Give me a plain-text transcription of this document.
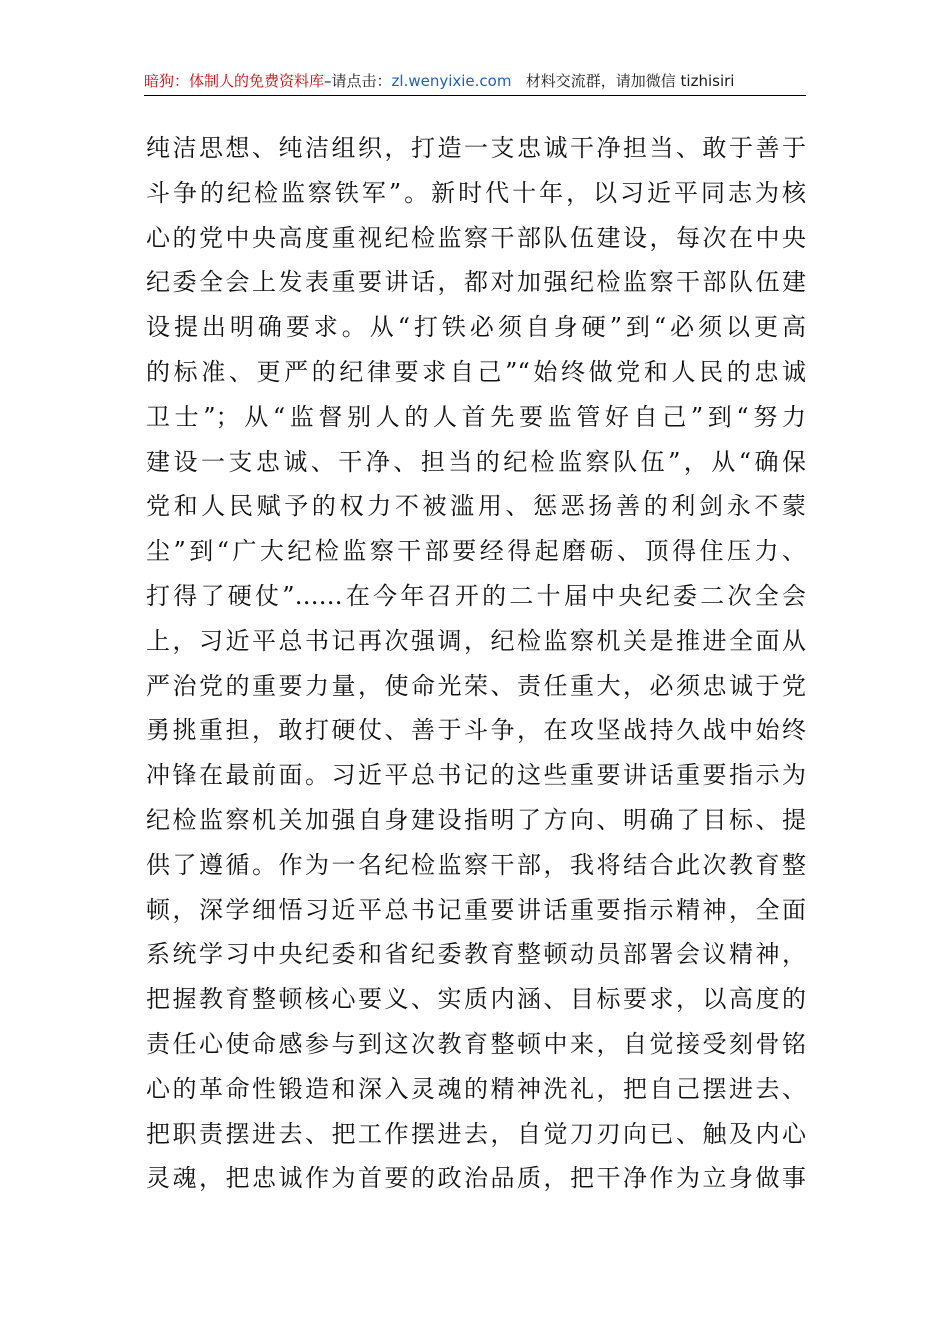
暗狗：体制人的免费资料库–请点击：zl.wenyixie.com 材料交流群，请加微信 tizhisiri
纯洁思想、纯洁组织，打造一支忠诚干净担当、敢于善于
斗争的纪检监察铁军”。新时代十年，以习近平同志为核
心的党中央高度重视纪检监察干部队伍建设，每次在中央
纪委全会上发表重要讲话，都对加强纪检监察干部队伍建
设提出明确要求。从“打铁必须自身硬”到“必须以更高
的标准、更严的纪律要求自己”“始终做党和人民的忠诚
卫士”；从“监督别人的人首先要监管好自己”到“努力
建设一支忠诚、干净、担当的纪检监察队伍”，从“确保
党和人民赋予的权力不被滥用、惩恶扬善的利剑永不蒙
尘”到“广大纪检监察干部要经得起磨砺、顶得住压力、
打得了硬仗”……在今年召开的二十届中央纪委二次全会
上，习近平总书记再次强调，纪检监察机关是推进全面从
严治党的重要力量，使命光荣、责任重大，必须忠诚于党
勇挑重担，敢打硬仗、善于斗争，在攻坚战持久战中始终
冲锋在最前面。习近平总书记的这些重要讲话重要指示为
纪检监察机关加强自身建设指明了方向、明确了目标、提
供了遵循。作为一名纪检监察干部，我将结合此次教育整
顿，深学细悟习近平总书记重要讲话重要指示精神，全面
系统学习中央纪委和省纪委教育整顿动员部署会议精神，
把握教育整顿核心要义、实质内涵、目标要求，以高度的
责任心使命感参与到这次教育整顿中来，自觉接受刻骨铭
心的革命性锻造和深入灵魂的精神洗礼，把自己摆进去、
把职责摆进去、把工作摆进去，自觉刀刃向已、触及内心
灵魂，把忠诚作为首要的政治品质，把干净作为立身做事
